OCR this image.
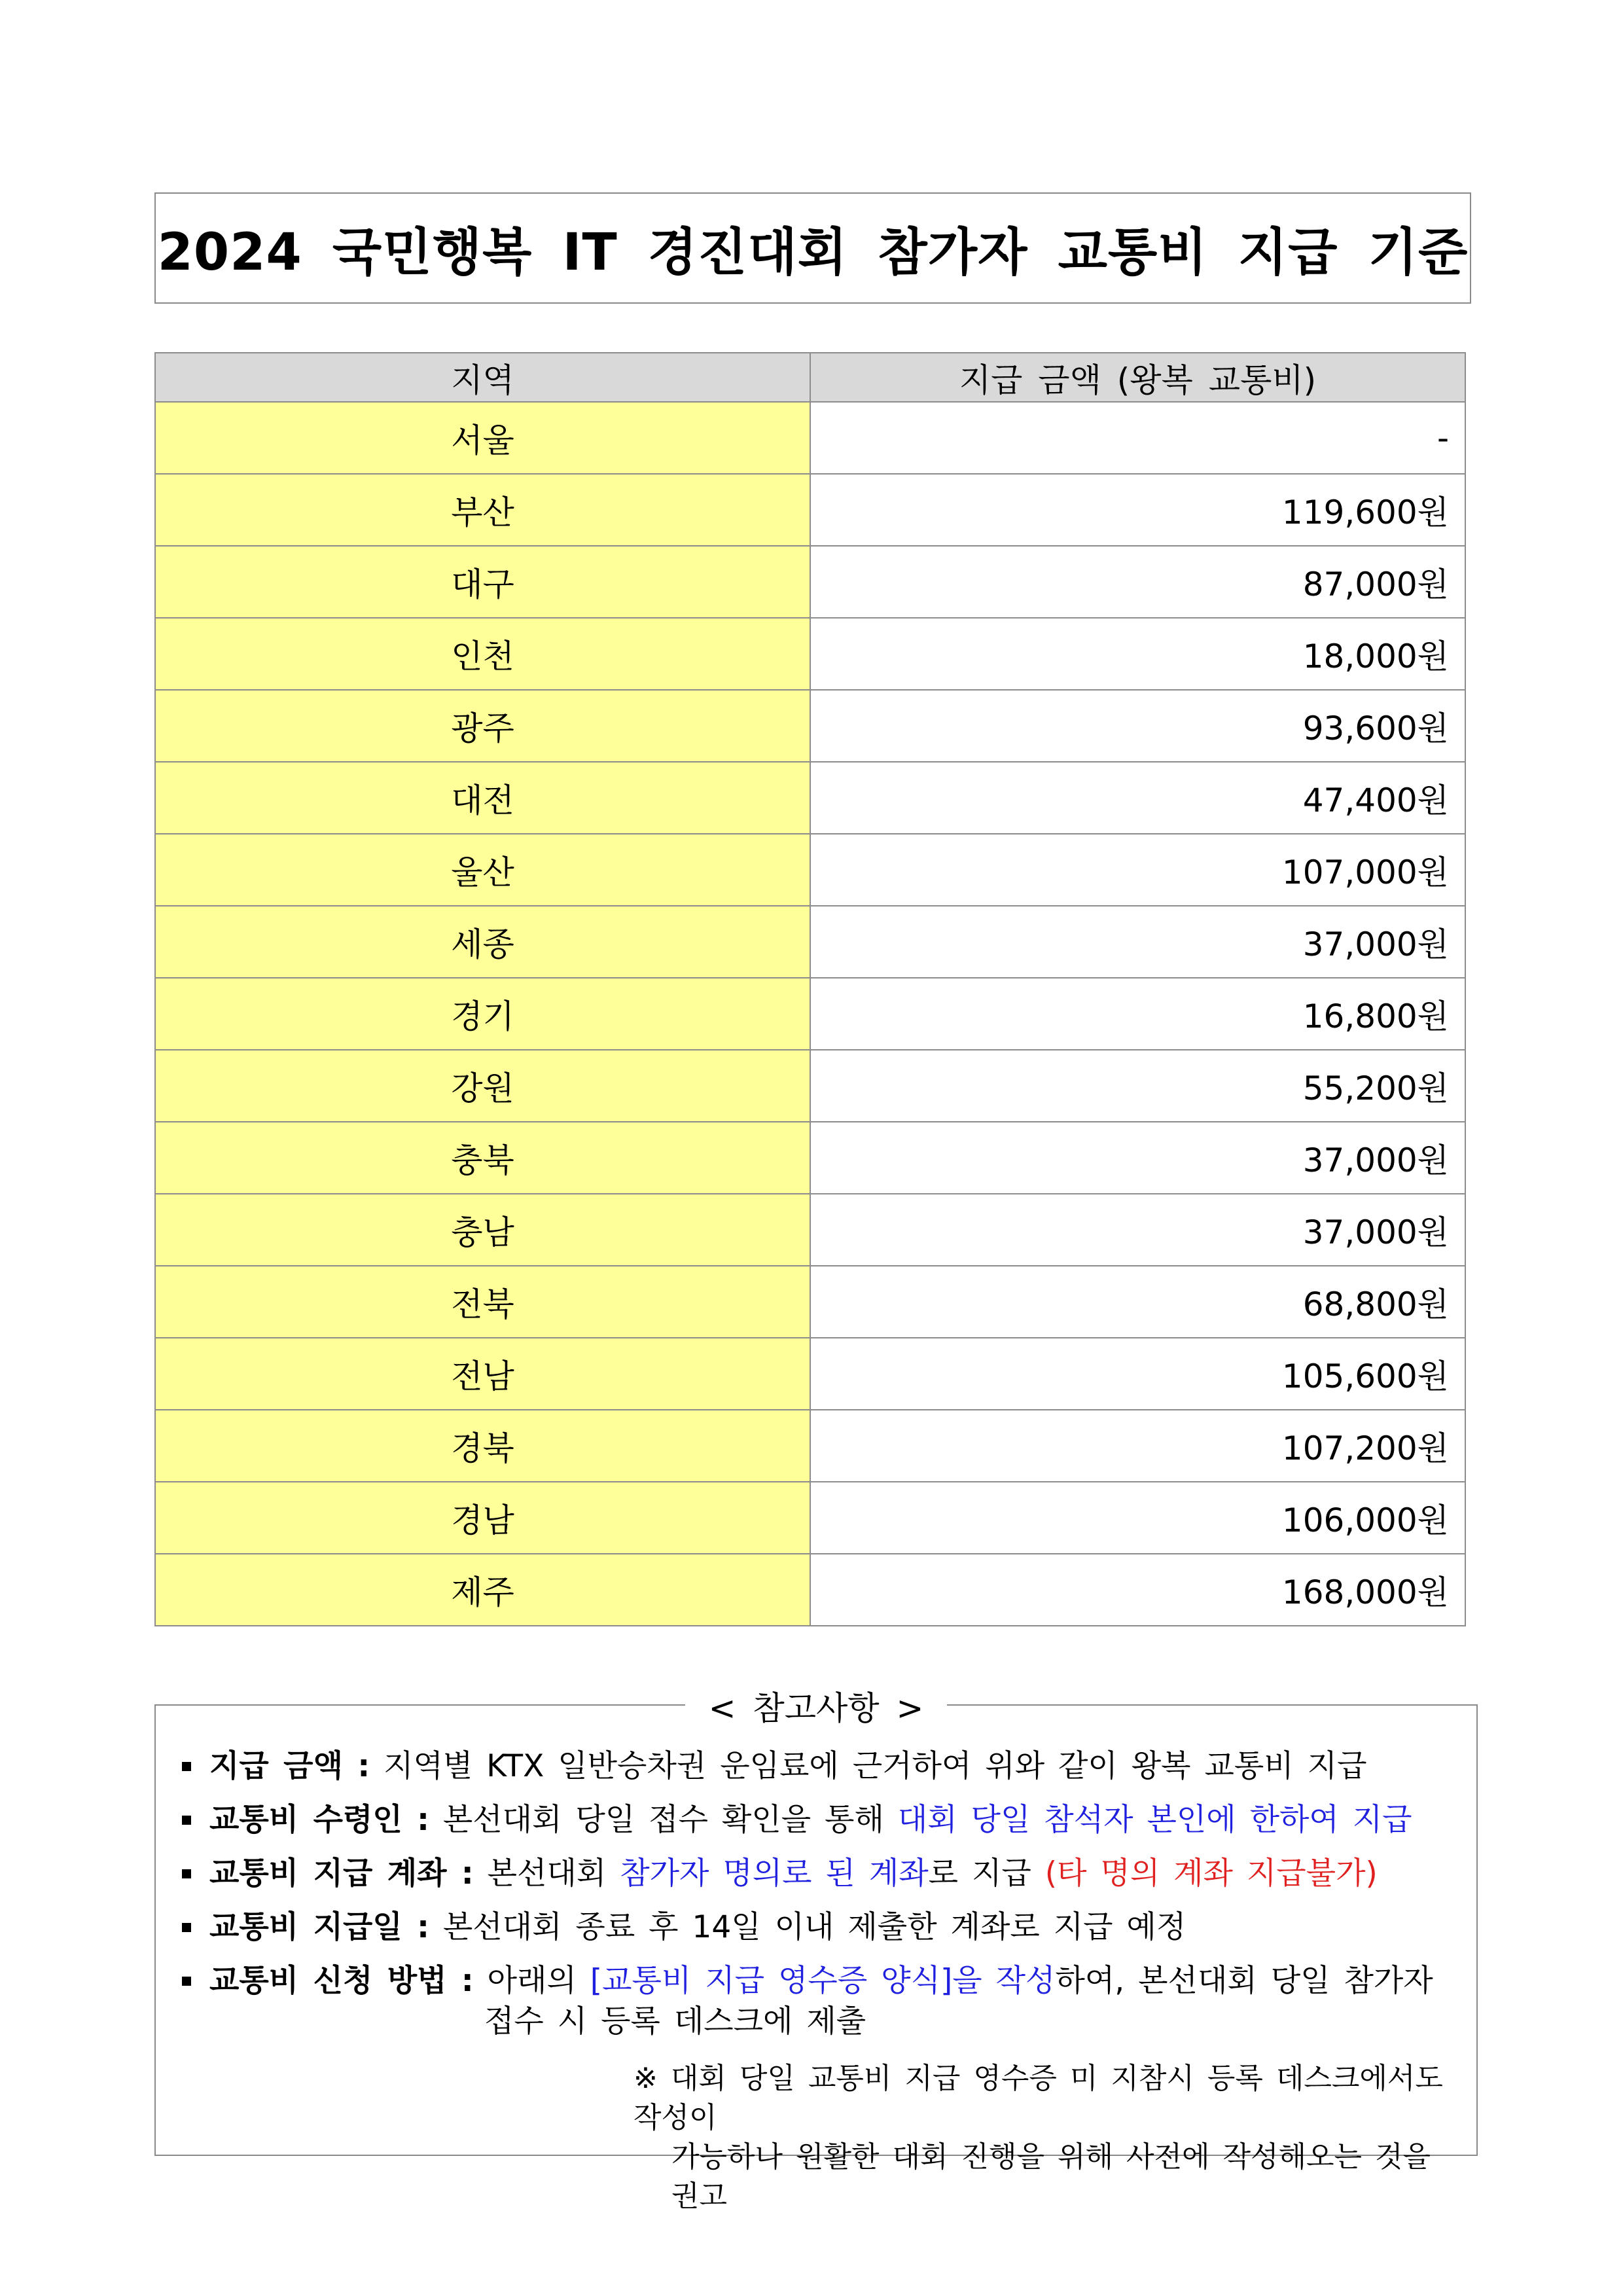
2024 국민행복 IT 경진대회 참가자 교통비 지급 기준
지역	지급 금액 (왕복 교통비)
서울	-
부산	119,600원
대구	87,000원
인천	18,000원
광주	93,600원
대전	47,400원
울산	107,000원
세종	37,000원
경기	16,800원
강원	55,200원
충북	37,000원
충남	37,000원
전북	68,800원
전남	105,600원
경북	107,200원
경남	106,000원
제주	168,000원
< 참고사항 >
지급 금액 : 지역별 KTX 일반승차권 운임료에 근거하여 위와 같이 왕복 교통비 지급
교통비 수령인 : 본선대회 당일 접수 확인을 통해 대회 당일 참석자 본인에 한하여 지급
교통비 지급 계좌 : 본선대회 참가자 명의로 된 계좌로 지급 (타 명의 계좌 지급불가)
교통비 지급일 : 본선대회 종료 후 14일 이내 제출한 계좌로 지급 예정
교통비 신청 방법 : 아래의 [교통비 지급 영수증 양식]을 작성하여, 본선대회 당일 참가자
접수 시 등록 데스크에 제출
※ 대회 당일 교통비 지급 영수증 미 지참시 등록 데스크에서도 작성이
가능하나 원활한 대회 진행을 위해 사전에 작성해오는 것을 권고
